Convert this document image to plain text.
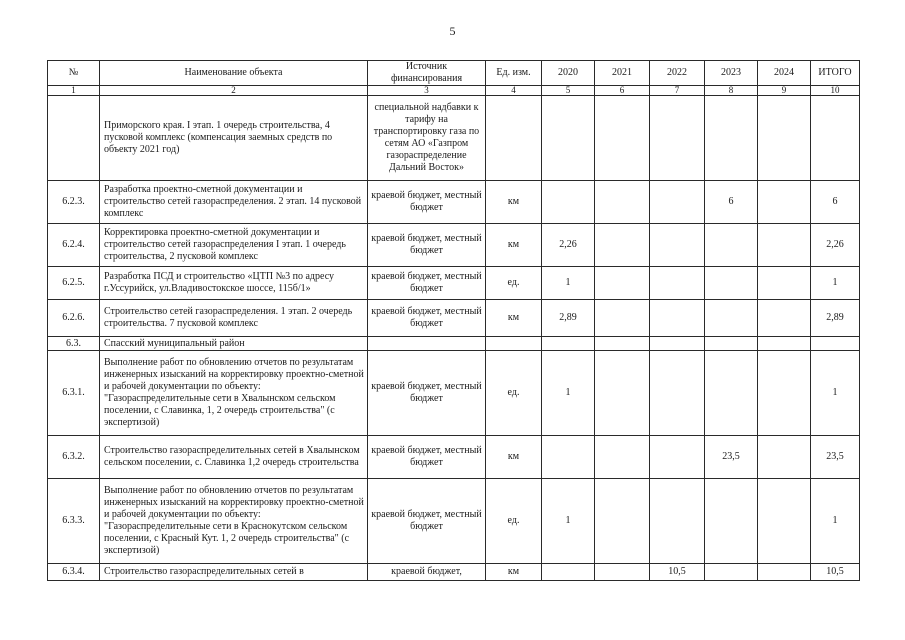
5
№	Наименование объекта	Источник финансирования	Ед. изм.	2020	2021	2022	2023	2024	ИТОГО
1	2	3	4	5	6	7	8	9	10
	Приморского края. I этап. 1 очередь строительства, 4 пусковой комплекс (компенсация заемных средств по объекту 2021 год)	специальной надбавки к тарифу на транспортировку газа по сетям АО «Газпром газораспределение Дальний Восток»							
6.2.3.	Разработка проектно-сметной документации и строительство сетей газораспределения. 2 этап. 14 пусковой комплекс	краевой бюджет, местный бюджет	км				6		6
6.2.4.	Корректировка проектно-сметной документации и строительство сетей газораспределения I этап. 1 очередь строительства, 2 пусковой комплекс	краевой бюджет, местный бюджет	км	2,26					2,26
6.2.5.	Разработка ПСД и строительство «ЦТП №3 по адресу г.Уссурийск, ул.Владивостокское шоссе, 115б/1»	краевой бюджет, местный бюджет	ед.	1					1
6.2.6.	Строительство сетей газораспределения. 1 этап. 2 очередь строительства. 7 пусковой комплекс	краевой бюджет, местный бюджет	км	2,89					2,89
6.3.	Спасский муниципальный район								
6.3.1.	Выполнение работ по обновлению отчетов по результатам инженерных изысканий на корректировку проектно-сметной и рабочей документации по объекту: "Газораспределительные сети в Хвалынском сельском поселении, с Славинка, 1, 2 очередь строительства" (с экспертизой)	краевой бюджет, местный бюджет	ед.	1					1
6.3.2.	Строительство газораспределительных сетей в Хвалынском сельском поселении, с. Славинка 1,2 очередь строительства	краевой бюджет, местный бюджет	км				23,5		23,5
6.3.3.	Выполнение работ по обновлению отчетов по результатам инженерных изысканий на корректировку проектно-сметной и рабочей документации по объекту: "Газораспределительные сети в Краснокутском сельском поселении, с Красный Кут. 1, 2 очередь строительства" (с экспертизой)	краевой бюджет, местный бюджет	ед.	1					1
6.3.4.	Строительство газораспределительных сетей в	краевой бюджет,	км			10,5			10,5
